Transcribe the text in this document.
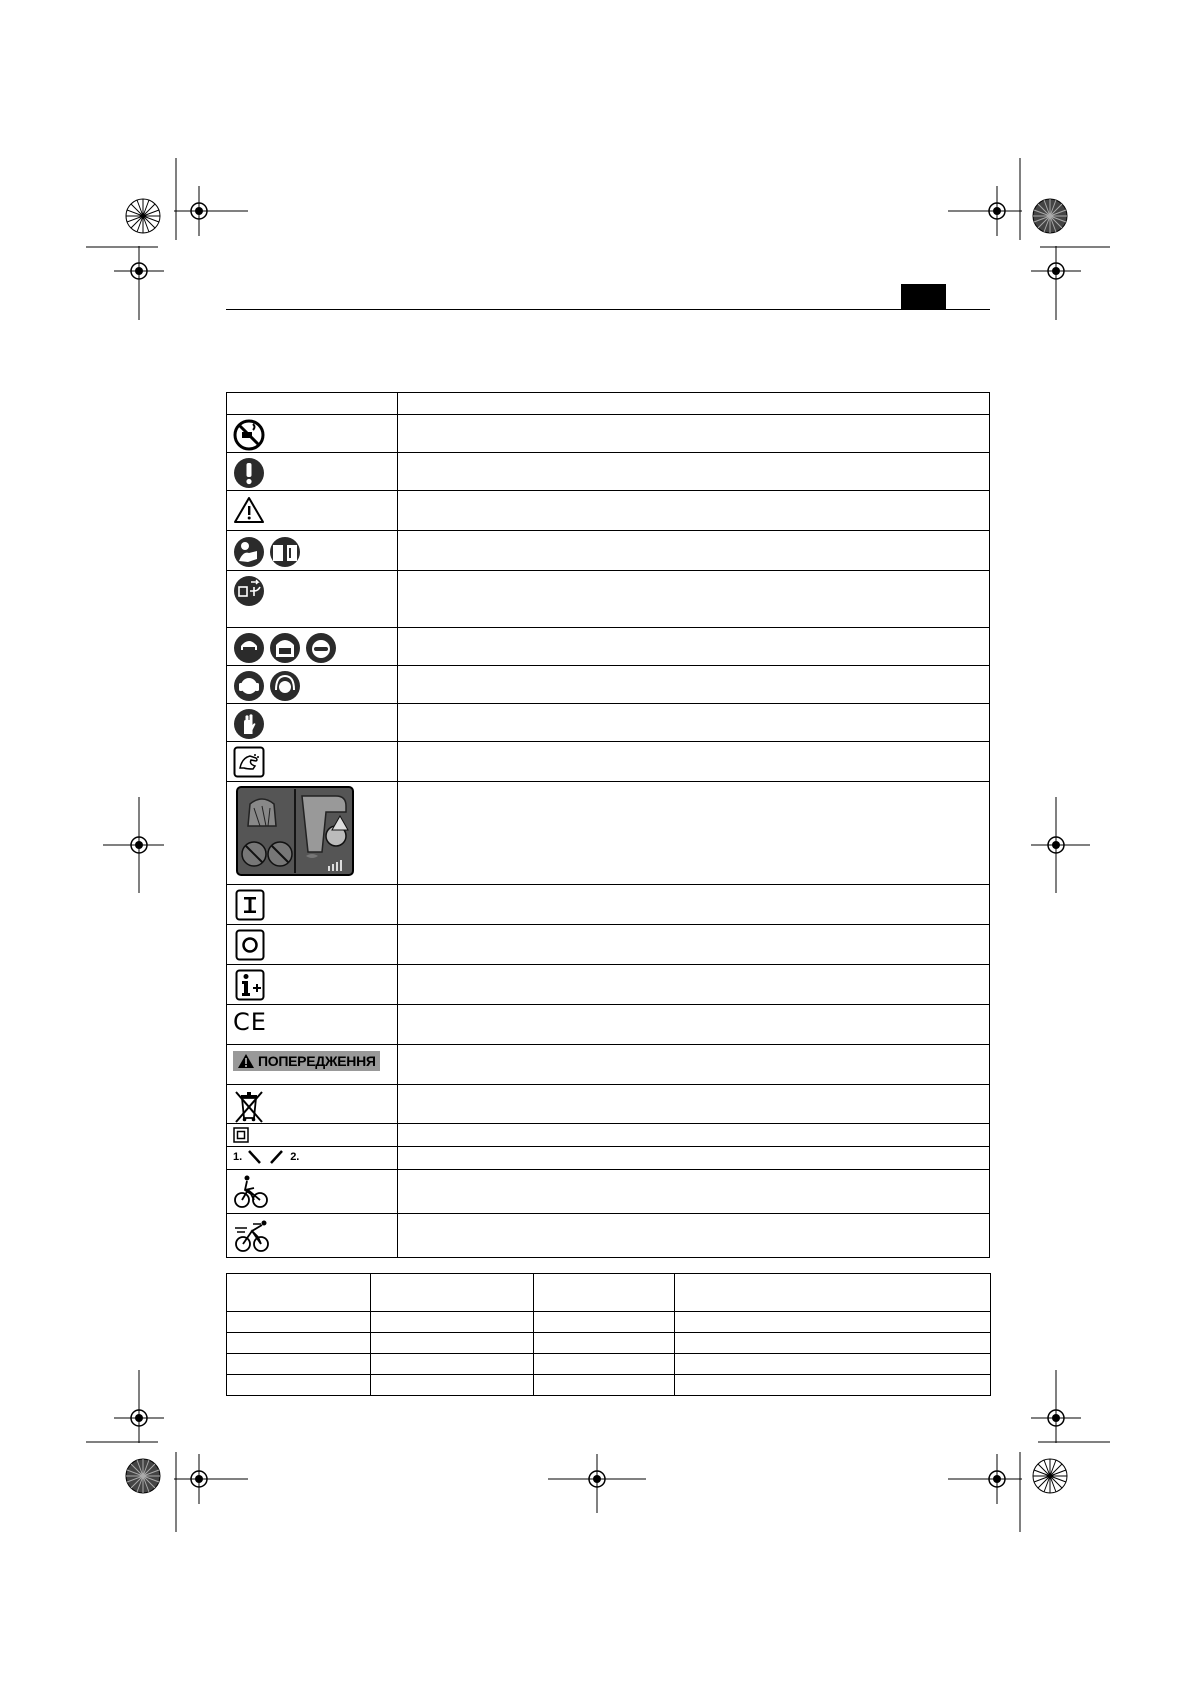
CE	

ПОПЕРЕДЖЕННЯ	

1. 2.	
